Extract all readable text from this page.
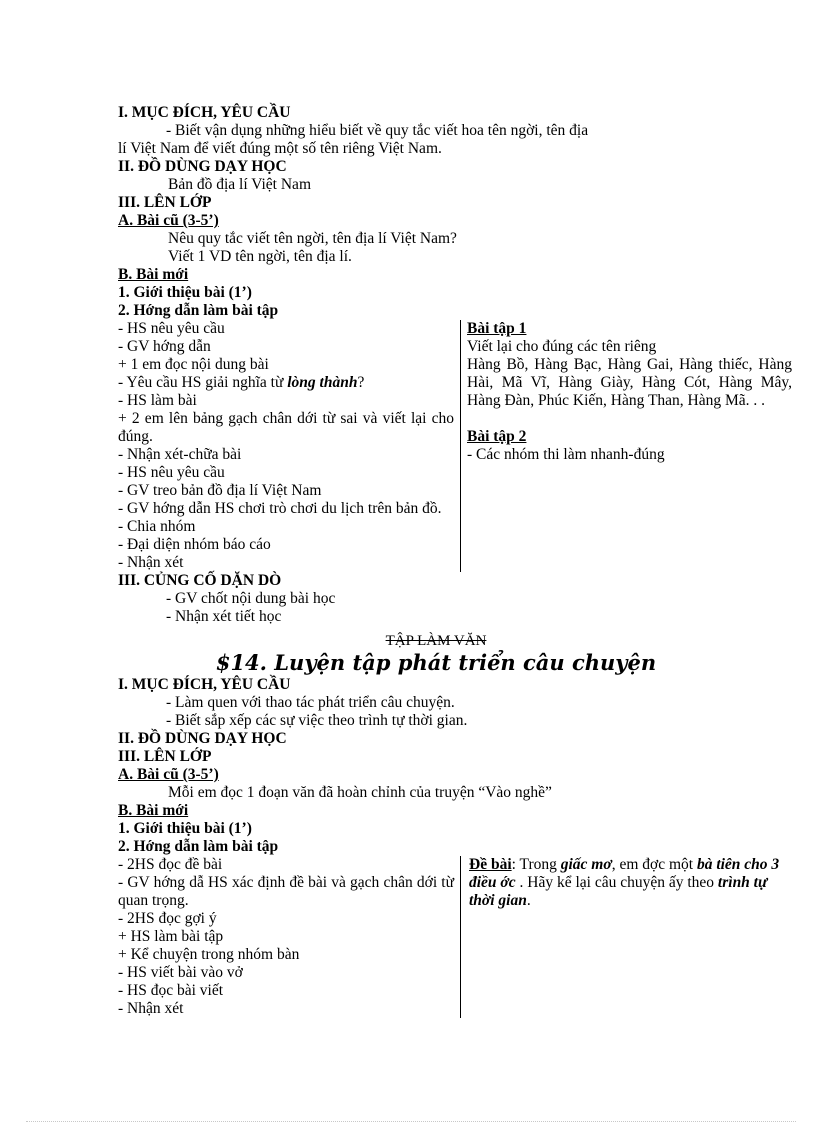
I. MỤC ĐÍCH, YÊU CẦU
- Biết vận dụng những hiểu biết về quy tắc viết hoa tên ngời, tên địa
lí Việt Nam để viết đúng một số tên riêng Việt Nam.
II. ĐỒ DÙNG DẠY HỌC
Bản đồ địa lí Việt Nam
III. LÊN LỚP
A. Bài cũ (3-5’)
Nêu quy tắc viết tên ngời, tên địa lí Việt Nam?
Viết 1 VD tên ngời, tên địa lí.
B. Bài mới
1. Giới thiệu bài (1’)
2. Hớng dẫn làm bài tập
- HS nêu yêu cầu
- GV hớng dẫn
+ 1 em đọc nội dung bài
- Yêu cầu HS giải nghĩa từ lòng thành?
- HS làm bài
+ 2 em lên bảng gạch chân dới từ sai và viết lại cho đúng.
- Nhận xét-chữa bài
- HS nêu yêu cầu
- GV treo bản đồ địa lí Việt Nam
- GV hớng dẫn HS chơi trò chơi du lịch trên bản đồ.
- Chia nhóm
- Đại diện nhóm báo cáo
- Nhận xét
Bài tập 1
Viết lại cho đúng các tên riêng
Hàng Bồ, Hàng Bạc, Hàng Gai, Hàng thiếc, Hàng Hài, Mã Vĩ, Hàng Giày, Hàng Cót, Hàng Mây, Hàng Đàn, Phúc Kiến, Hàng Than, Hàng Mã. . .
Bài tập 2
- Các nhóm thi làm nhanh-đúng
III. CỦNG CỐ DẶN DÒ
- GV chốt nội dung bài học
- Nhận xét tiết học
TẬP LÀM VĂN
$14. Luyện tập phát triển câu chuyện
I. MỤC ĐÍCH, YÊU CẦU
- Làm quen với thao tác phát triển câu chuyện.
- Biết sắp xếp các sự việc theo trình tự thời gian.
II. ĐỒ DÙNG DẠY HỌC
III. LÊN LỚP
A. Bài cũ (3-5’)
Mỗi em đọc 1 đoạn văn đã hoàn chỉnh của truyện “Vào nghề”
B. Bài mới
1. Giới thiệu bài (1’)
2. Hớng dẫn làm bài tập
- 2HS đọc đề bài
- GV hớng dẫ HS xác định đề bài và gạch chân dới từ quan trọng.
- 2HS đọc gợi ý
+ HS làm bài tập
+ Kể chuyện trong nhóm bàn
- HS viết bài vào vở
- HS đọc bài viết
- Nhận xét
Đề bài: Trong giấc mơ, em đợc một bà tiên cho 3 điều ớc . Hãy kể lại câu chuyện ấy theo trình tự thời gian.
